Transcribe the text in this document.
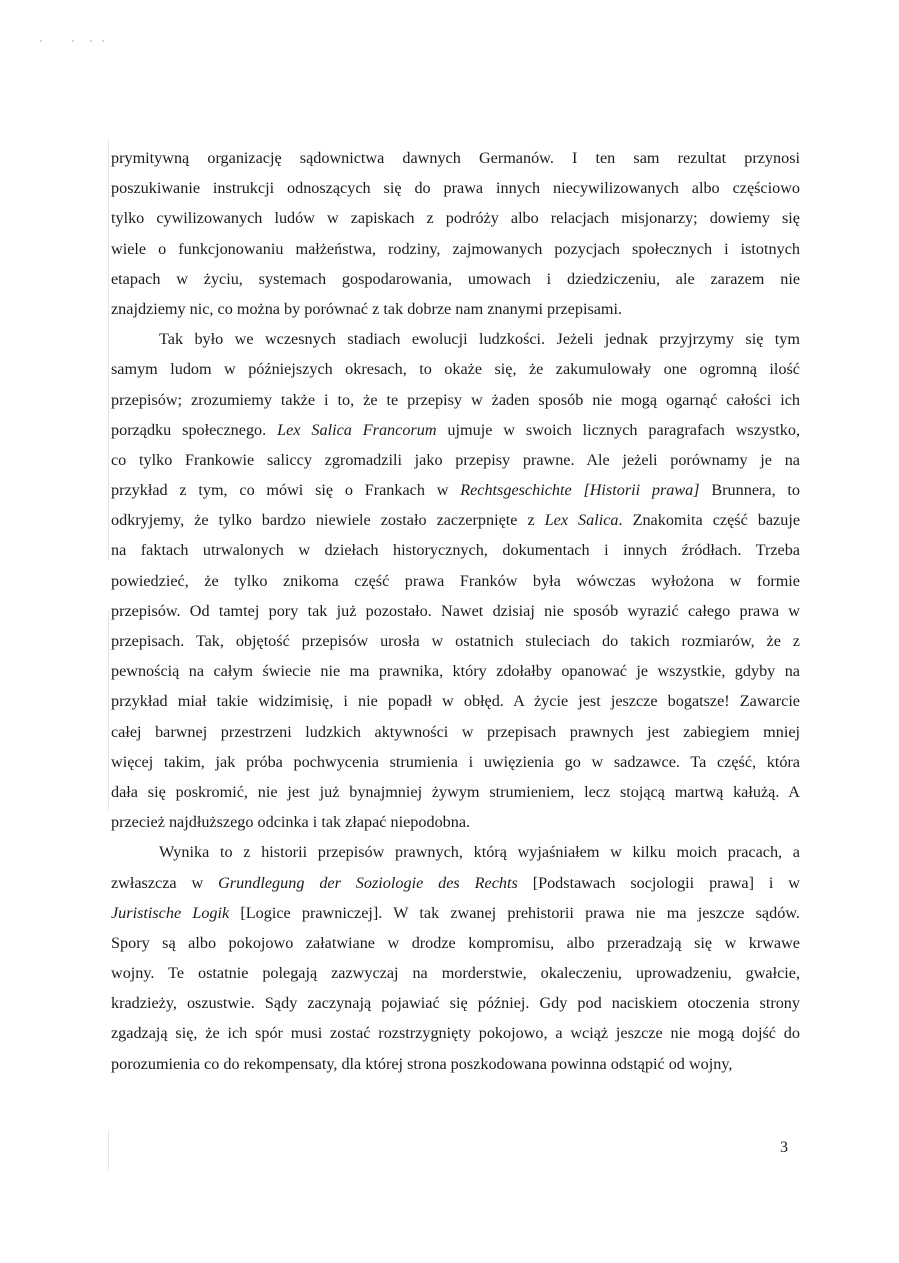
prymitywną organizację sądownictwa dawnych Germanów. I ten sam rezultat przynosi
poszukiwanie instrukcji odnoszących się do prawa innych niecywilizowanych albo częściowo
tylko cywilizowanych ludów w zapiskach z podróży albo relacjach misjonarzy; dowiemy się
wiele o funkcjonowaniu małżeństwa, rodziny, zajmowanych pozycjach społecznych i istotnych
etapach w życiu, systemach gospodarowania, umowach i dziedziczeniu, ale zarazem nie
znajdziemy nic, co można by porównać z tak dobrze nam znanymi przepisami.
Tak było we wczesnych stadiach ewolucji ludzkości. Jeżeli jednak przyjrzymy się tym
samym ludom w późniejszych okresach, to okaże się, że zakumulowały one ogromną ilość
przepisów; zrozumiemy także i to, że te przepisy w żaden sposób nie mogą ogarnąć całości ich
porządku społecznego. Lex Salica Francorum ujmuje w swoich licznych paragrafach wszystko,
co tylko Frankowie saliccy zgromadzili jako przepisy prawne. Ale jeżeli porównamy je na
przykład z tym, co mówi się o Frankach w Rechtsgeschichte [Historii prawa] Brunnera, to
odkryjemy, że tylko bardzo niewiele zostało zaczerpnięte z Lex Salica. Znakomita część bazuje
na faktach utrwalonych w dziełach historycznych, dokumentach i innych źródłach. Trzeba
powiedzieć, że tylko znikoma część prawa Franków była wówczas wyłożona w formie
przepisów. Od tamtej pory tak już pozostało. Nawet dzisiaj nie sposób wyrazić całego prawa w
przepisach. Tak, objętość przepisów urosła w ostatnich stuleciach do takich rozmiarów, że z
pewnością na całym świecie nie ma prawnika, który zdołałby opanować je wszystkie, gdyby na
przykład miał takie widzimisię, i nie popadł w obłęd. A życie jest jeszcze bogatsze! Zawarcie
całej barwnej przestrzeni ludzkich aktywności w przepisach prawnych jest zabiegiem mniej
więcej takim, jak próba pochwycenia strumienia i uwięzienia go w sadzawce. Ta część, która
dała się poskromić, nie jest już bynajmniej żywym strumieniem, lecz stojącą martwą kałużą. A
przecież najdłuższego odcinka i tak złapać niepodobna.
Wynika to z historii przepisów prawnych, którą wyjaśniałem w kilku moich pracach, a
zwłaszcza w Grundlegung der Soziologie des Rechts [Podstawach socjologii prawa] i w
Juristische Logik [Logice prawniczej]. W tak zwanej prehistorii prawa nie ma jeszcze sądów.
Spory są albo pokojowo załatwiane w drodze kompromisu, albo przeradzają się w krwawe
wojny. Te ostatnie polegają zazwyczaj na morderstwie, okaleczeniu, uprowadzeniu, gwałcie,
kradzieży, oszustwie. Sądy zaczynają pojawiać się później. Gdy pod naciskiem otoczenia strony
zgadzają się, że ich spór musi zostać rozstrzygnięty pokojowo, a wciąż jeszcze nie mogą dojść do
porozumienia co do rekompensaty, dla której strona poszkodowana powinna odstąpić od wojny,
3
